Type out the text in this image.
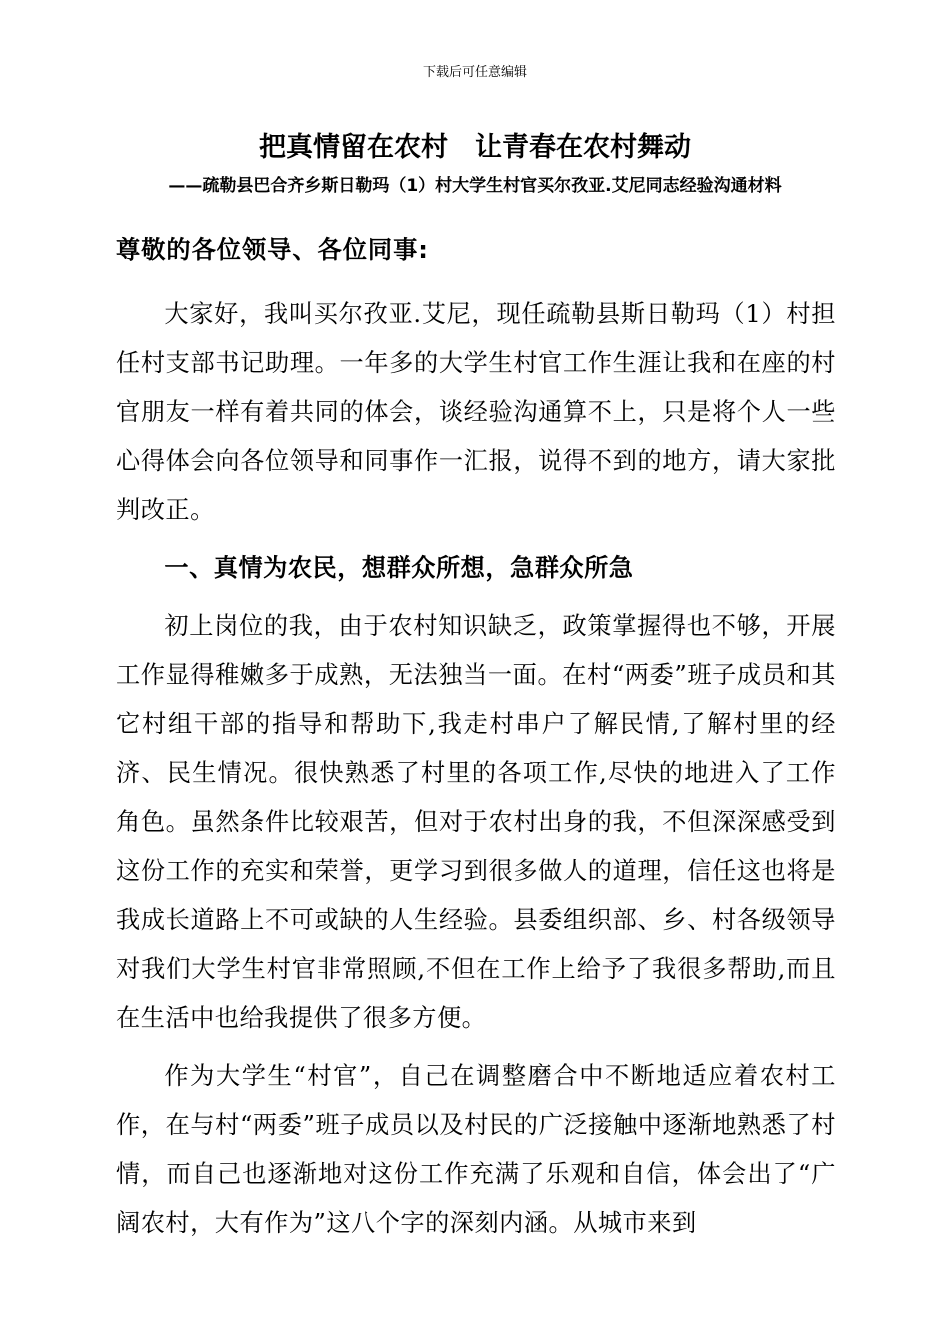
下载后可任意编辑
把真情留在农村　让青春在农村舞动
——疏勒县巴合齐乡斯日勒玛（1）村大学生村官买尔孜亚.艾尼同志经验沟通材料

尊敬的各位领导、各位同事:

大家好，我叫买尔孜亚.艾尼，现任疏勒县斯日勒玛（1）村担任村支部书记助理。一年多的大学生村官工作生涯让我和在座的村官朋友一样有着共同的体会，谈经验沟通算不上，只是将个人一些心得体会向各位领导和同事作一汇报，说得不到的地方，请大家批判改正。

一、真情为农民，想群众所想，急群众所急

初上岗位的我，由于农村知识缺乏，政策掌握得也不够，开展工作显得稚嫩多于成熟，无法独当一面。在村“两委”班子成员和其它村组干部的指导和帮助下,我走村串户了解民情,了解村里的经济、民生情况。很快熟悉了村里的各项工作,尽快的地进入了工作角色。虽然条件比较艰苦，但对于农村出身的我，不但深深感受到这份工作的充实和荣誉，更学习到很多做人的道理，信任这也将是我成长道路上不可或缺的人生经验。县委组织部、乡、村各级领导对我们大学生村官非常照顾,不但在工作上给予了我很多帮助,而且在生活中也给我提供了很多方便。

作为大学生“村官”，自己在调整磨合中不断地适应着农村工作，在与村“两委”班子成员以及村民的广泛接触中逐渐地熟悉了村情，而自己也逐渐地对这份工作充满了乐观和自信，体会出了“广阔农村，大有作为”这八个字的深刻内涵。从城市来到
